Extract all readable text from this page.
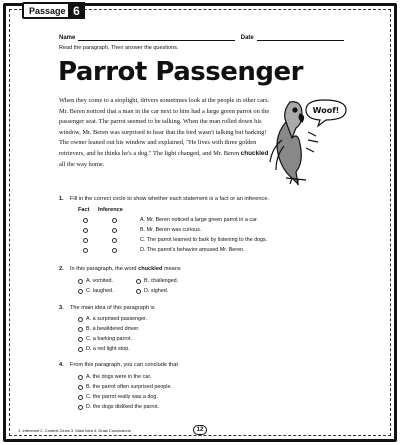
Passage 6
Name	Date
Read the paragraph. Then answer the questions.
Parrot Passenger
When they come to a stoplight, drivers sometimes look at the people in other cars. Mr. Beren noticed that a man in the car next to him had a large green parrot on the passenger seat. The parrot seemed to be talking. When the man rolled down his window, Mr. Beren was surprised to hear that the bird wasn't talking but barking! The owner leaned out his window and explained, "He lives with three golden retrievers, and he thinks he's a dog." The light changed, and Mr. Beren chuckled all the way home.
Woof!
1. Fill in the correct circle to show whether each statement is a fact or an inference.
Fact Inference
A. Mr. Beren noticed a large green parrot in a car.
B. Mr. Beren was curious.
C. The parrot learned to bark by listening to the dogs.
D. The parrot's behavior amused Mr. Beren.
2. In this paragraph, the word chuckled means
A. vomited.	B. challenged.
C. laughed.	D. sighed.
3. The main idea of this paragraph is
A. a surprised passenger.
B. a bewildered driver.
C. a barking parrot.
D. a red light stop.
4. From this paragraph, you can conclude that
A. the dogs were in the car.
B. the parrot often surprised people.
C. the parrot really was a dog.
D. the dogs disliked the parrot.
1. Inference 2. Context Clues 3. Main Idea 4. Draw Conclusions	12
